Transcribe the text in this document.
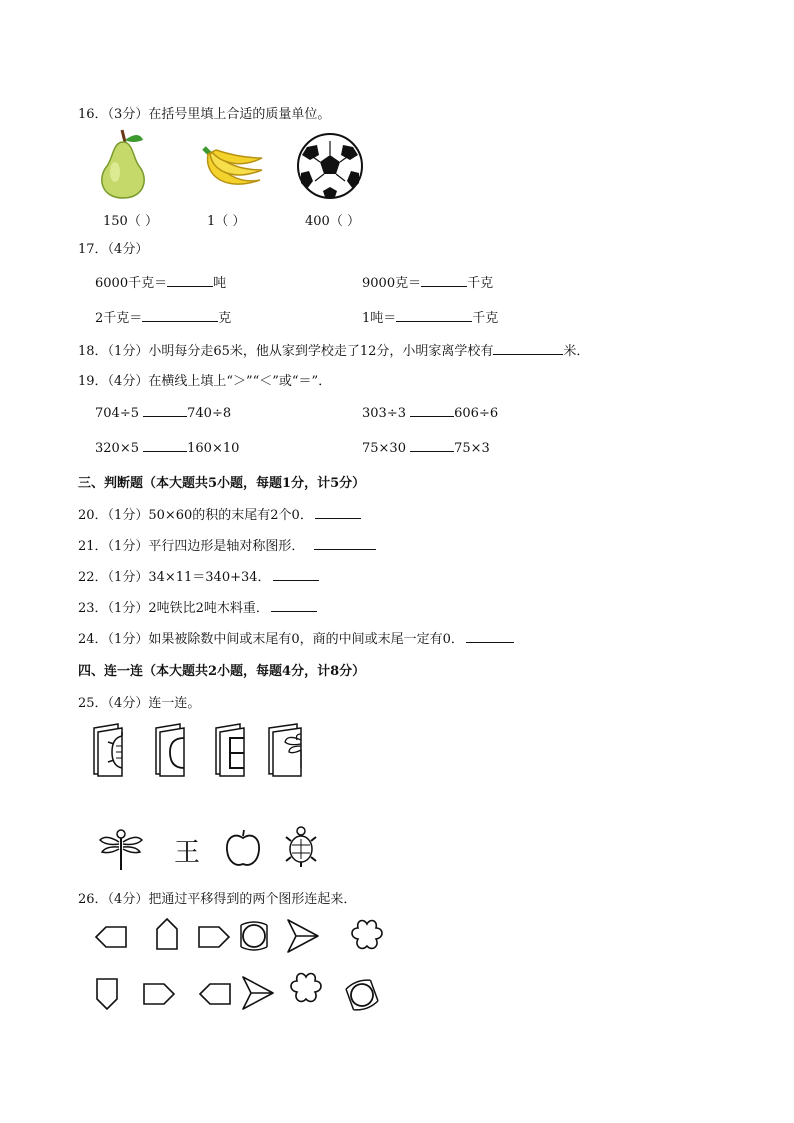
16．（3分）在括号里填上合适的质量单位。
150（ ）	1（ ）	400（ ）
17．（4分）
6000千克＝	吨	9000克＝	千克
2千克＝	克	1吨＝	千克
18．（1分）小明每分走65米，他从家到学校走了12分，小明家离学校有	米．
19．（4分）在横线上填上“＞”“＜”或“＝”．
704÷5	740÷8	303÷3	606÷6
320×5	160×10	75×30	75×3
三、判断题（本大题共5小题，每题1分，计5分）
20．（1分）50×60的积的末尾有2个0．
21．（1分）平行四边形是轴对称图形．
22．（1分）34×11＝340+34．
23．（1分）2吨铁比2吨木料重．
24．（1分）如果被除数中间或末尾有0，商的中间或末尾一定有0．
四、连一连（本大题共2小题，每题4分，计8分）
25．（4分）连一连。
王
26．（4分）把通过平移得到的两个图形连起来．
